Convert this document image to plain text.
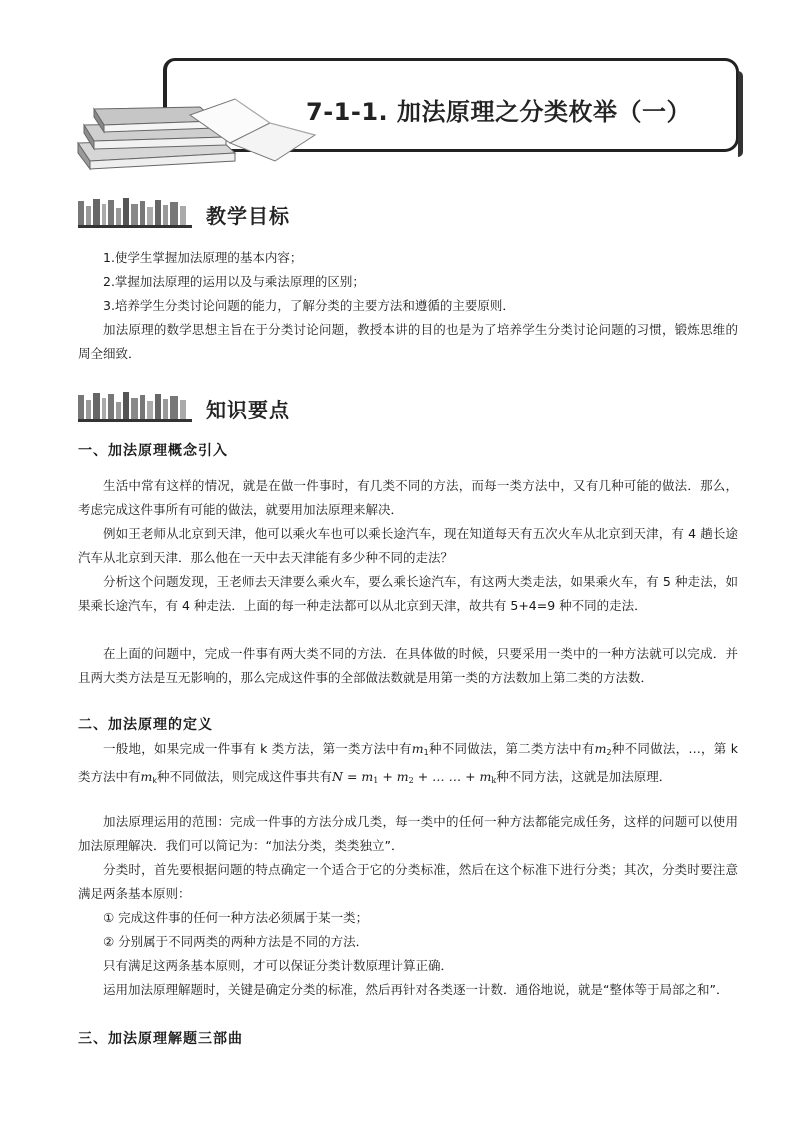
7-1-1. 加法原理之分类枚举（一）
教学目标

1.使学生掌握加法原理的基本内容；

2.掌握加法原理的运用以及与乘法原理的区别；

3.培养学生分类讨论问题的能力，了解分类的主要方法和遵循的主要原则．

加法原理的数学思想主旨在于分类讨论问题，教授本讲的目的也是为了培养学生分类讨论问题的习惯，锻炼思维的周全细致．

知识要点
一、加法原理概念引入

生活中常有这样的情况，就是在做一件事时，有几类不同的方法，而每一类方法中，又有几种可能的做法．那么，考虑完成这件事所有可能的做法，就要用加法原理来解决．

例如王老师从北京到天津，他可以乘火车也可以乘长途汽车，现在知道每天有五次火车从北京到天津，有 4 趟长途汽车从北京到天津．那么他在一天中去天津能有多少种不同的走法？

分析这个问题发现，王老师去天津要么乘火车，要么乘长途汽车，有这两大类走法，如果乘火车，有 5 种走法，如果乘长途汽车，有 4 种走法．上面的每一种走法都可以从北京到天津，故共有 5+4=9 种不同的走法．

在上面的问题中，完成一件事有两大类不同的方法．在具体做的时候，只要采用一类中的一种方法就可以完成．并且两大类方法是互无影响的，那么完成这件事的全部做法数就是用第一类的方法数加上第二类的方法数．

二、加法原理的定义

一般地，如果完成一件事有 k 类方法，第一类方法中有$m_1$种不同做法，第二类方法中有$m_2$种不同做法，…，第 k 类方法中有$m_k$种不同做法，则完成这件事共有$N = m_1 + m_2$ + … … + $m_k$种不同方法，这就是加法原理．

加法原理运用的范围：完成一件事的方法分成几类，每一类中的任何一种方法都能完成任务，这样的问题可以使用加法原理解决．我们可以简记为：“加法分类，类类独立”．

分类时，首先要根据问题的特点确定一个适合于它的分类标准，然后在这个标准下进行分类；其次，分类时要注意满足两条基本原则：

① 完成这件事的任何一种方法必须属于某一类；

② 分别属于不同两类的两种方法是不同的方法．

只有满足这两条基本原则，才可以保证分类计数原理计算正确．

运用加法原理解题时，关键是确定分类的标准，然后再针对各类逐一计数．通俗地说，就是“整体等于局部之和”．

三、加法原理解题三部曲
